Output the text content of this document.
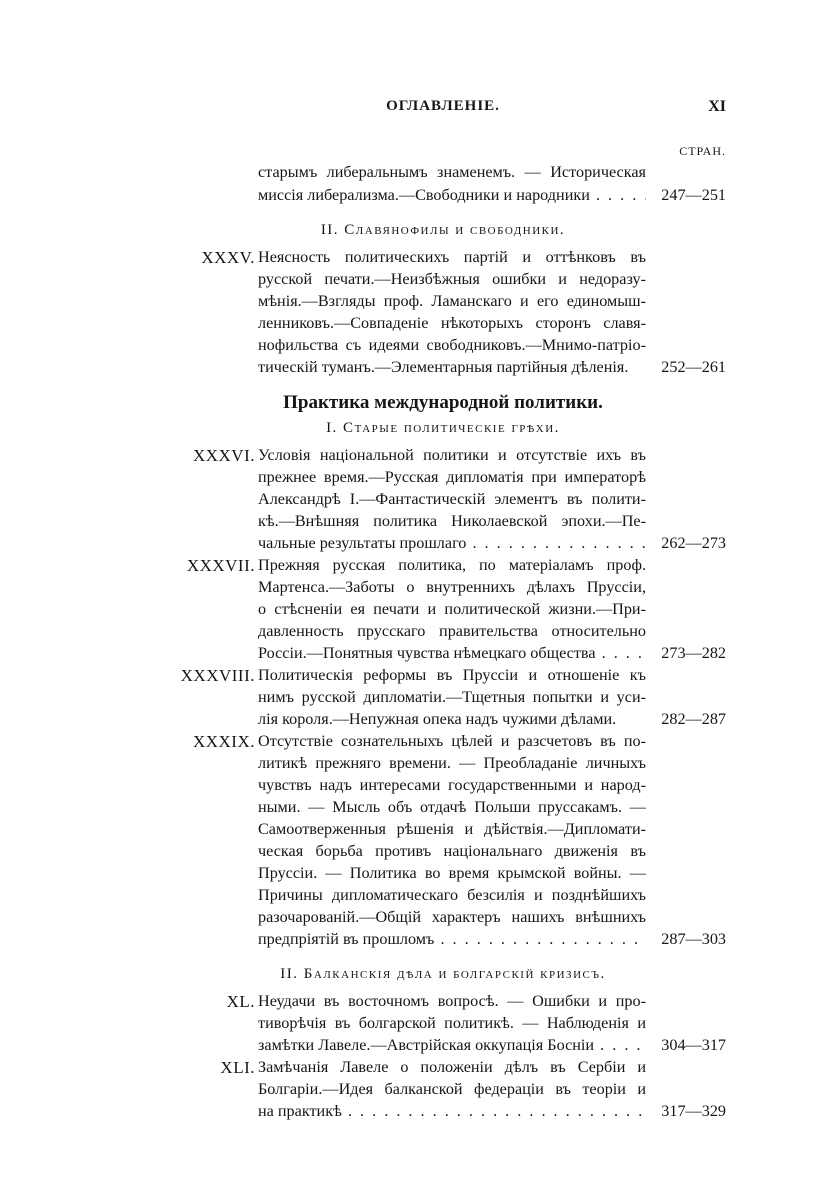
ОГЛАВЛЕНІЕ.	XI
СТРАН.
старымъ либеральнымъ знаменемъ. — Историческая
миссія либерализма.—Свободники и народники . . .	247—251
II. Славянофилы и свободники.
XXXV. Неясность политическихъ партій и оттѣнковъ въ
русской печати.—Неизбѣжныя ошибки и недоразу-
мѣнія.—Взгляды проф. Ламанскаго и его единомыш-
ленниковъ.—Совпаденіе нѣкоторыхъ сторонъ славя-
нофильства съ идеями свободниковъ.—Мнимо-патріо-
тическій туманъ.—Элементарныя партійныя дѣленія.	252—261
Практика международной политики.
I. Старые политическіе грѣхи.
XXXVI. Условія національной политики и отсутствіе ихъ въ
прежнее время.—Русская дипломатія при императорѣ
Александрѣ I.—Фантастическій элементъ въ полити-
кѣ.—Внѣшняя политика Николаевской эпохи.—Пе-
чальные результаты прошлаго . . .	262—273
XXXVII. Прежняя русская политика, по матеріаламъ проф.
Мартенса.—Заботы о внутреннихъ дѣлахъ Пруссіи,
о стѣсненіи ея печати и политической жизни.—При-
давленность прусскаго правительства относительно
Россіи.—Понятныя чувства нѣмецкаго общества . . .	273—282
XXXVIII. Политическія реформы въ Пруссіи и отношеніе къ
нимъ русской дипломатіи.—Тщетныя попытки и уси-
лія короля.—Непужная опека надъ чужими дѣлами.	282—287
XXXIX. Отсутствіе сознательныхъ цѣлей и разсчетовъ въ по-
литикѣ прежняго времени. — Преобладаніе личныхъ
чувствъ надъ интересами государственными и народ-
ными. — Мысль объ отдачѣ Польши пруссакамъ. —
Самоотверженныя рѣшенія и дѣйствія.—Дипломати-
ческая борьба противъ національнаго движенія въ
Пруссіи. — Политика во время крымской войны. —
Причины дипломатическаго безсилія и позднѣйшихъ
разочарованій.—Общій характеръ нашихъ внѣшнихъ
предпріятій въ прошломъ . . .	287—303
II. Балканскія дѣла и болгарскій кризисъ.
XL. Неудачи въ восточномъ вопросѣ. — Ошибки и про-
тиворѣчія въ болгарской политикѣ. — Наблюденія и
замѣтки Лавеле.—Австрійская оккупація Босніи . . .	304—317
XLI. Замѣчанія Лавеле о положеніи дѣлъ въ Сербіи и
Болгаріи.—Идея балканской федераціи въ теоріи и
на практикѣ . . .	317—329
